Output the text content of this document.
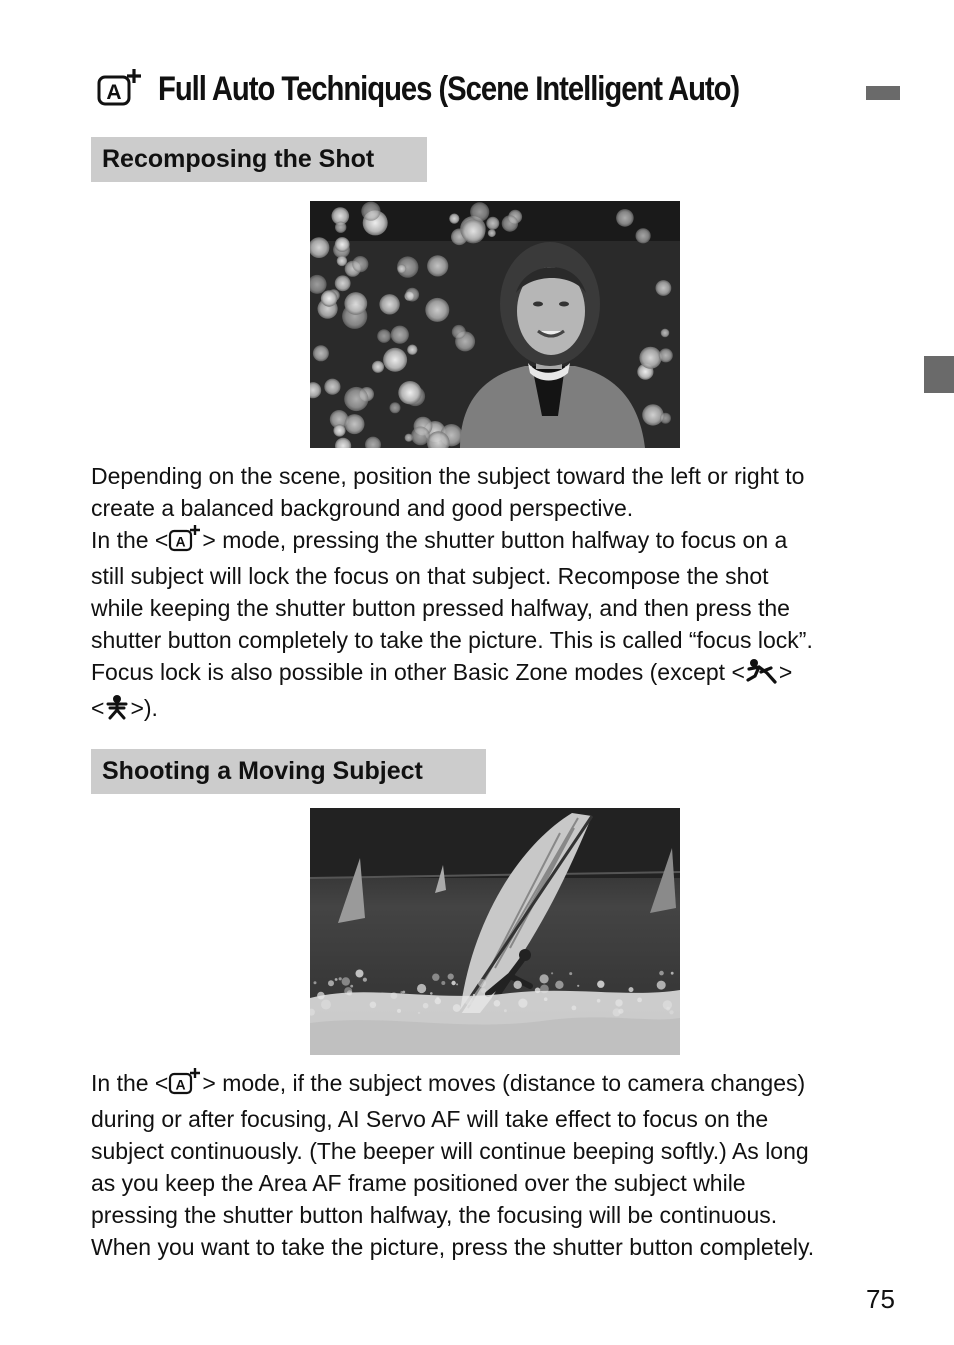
A Full Auto Techniques (Scene Intelligent Auto)
Recomposing the Shot

Depending on the scene, position the subject toward the left or right to
create a balanced background and good perspective.
In the < A > mode, pressing the shutter button halfway to focus on a
still subject will lock the focus on that subject. Recompose the shot
while keeping the shutter button pressed halfway, and then press the
shutter button completely to take the picture. This is called “focus lock”.
Focus lock is also possible in other Basic Zone modes (except < >
< >).

Shooting a Moving Subject

In the < A > mode, if the subject moves (distance to camera changes)
during or after focusing, AI Servo AF will take effect to focus on the
subject continuously. (The beeper will continue beeping softly.) As long
as you keep the Area AF frame positioned over the subject while
pressing the shutter button halfway, the focusing will be continuous.
When you want to take the picture, press the shutter button completely.

75
